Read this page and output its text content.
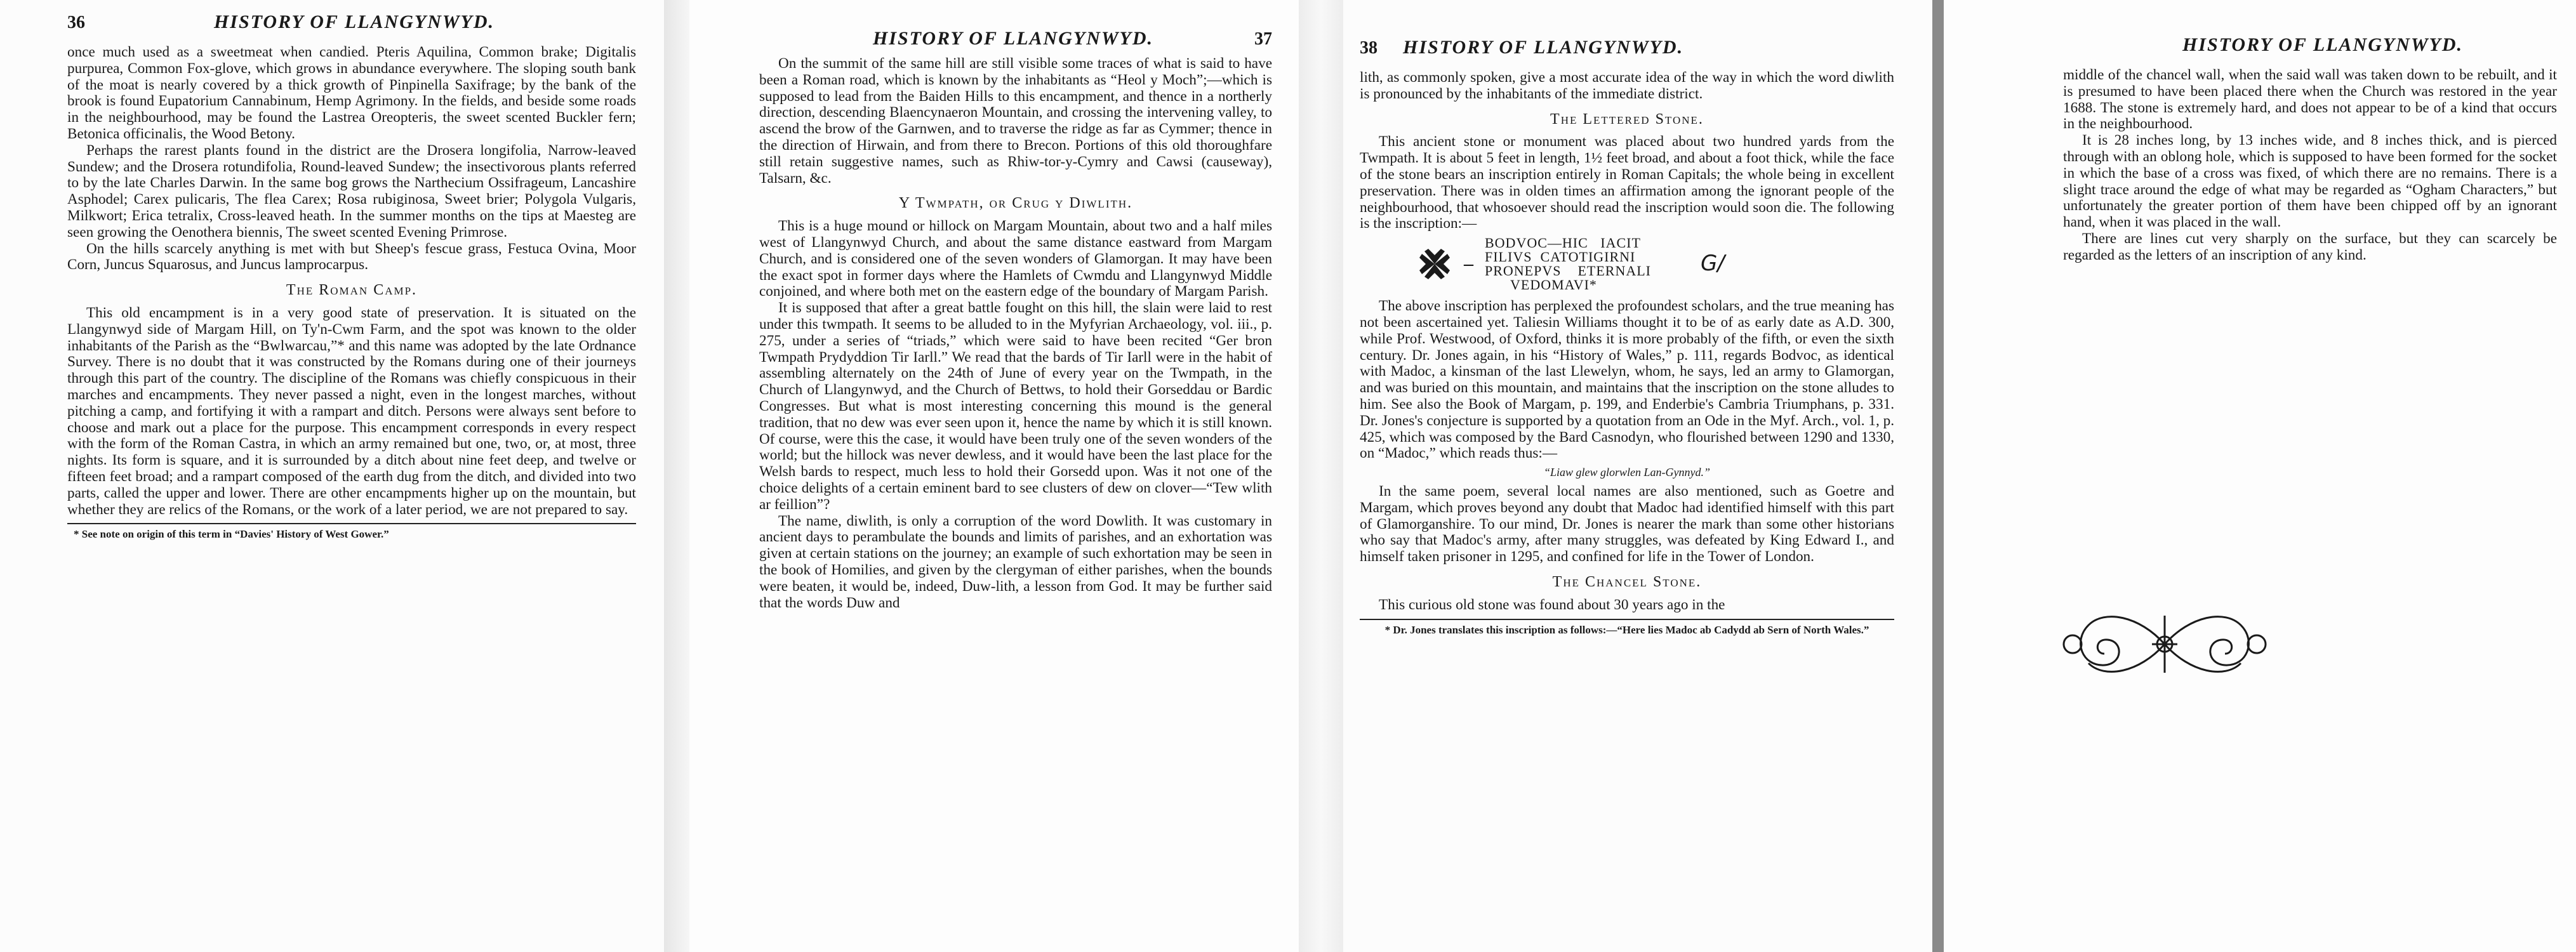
36	HISTORY OF LLANGYNWYD.

once much used as a sweetmeat when candied. Pteris Aquilina, Common brake; Digitalis purpurea, Common Fox-glove, which grows in abundance everywhere. The sloping south bank of the moat is nearly covered by a thick growth of Pinpinella Saxifrage; by the bank of the brook is found Eupatorium Cannabinum, Hemp Agrimony. In the fields, and beside some roads in the neighbourhood, may be found the Lastrea Oreopteris, the sweet scented Buckler fern; Betonica officinalis, the Wood Betony.

Perhaps the rarest plants found in the district are the Drosera longifolia, Narrow-leaved Sundew; and the Drosera rotundifolia, Round-leaved Sundew; the insectivorous plants referred to by the late Charles Darwin. In the same bog grows the Narthecium Ossifrageum, Lancashire Asphodel; Carex pulicaris, The flea Carex; Rosa rubiginosa, Sweet brier; Polygola Vulgaris, Milkwort; Erica tetralix, Cross-leaved heath. In the summer months on the tips at Maesteg are seen growing the Oenothera biennis, The sweet scented Evening Primrose.

On the hills scarcely anything is met with but Sheep's fescue grass, Festuca Ovina, Moor Corn, Juncus Squarosus, and Juncus lamprocarpus.

The Roman Camp.

This old encampment is in a very good state of preservation. It is situated on the Llangynwyd side of Margam Hill, on Ty'n-Cwm Farm, and the spot was known to the older inhabitants of the Parish as the “Bwlwarcau,”* and this name was adopted by the late Ordnance Survey. There is no doubt that it was constructed by the Romans during one of their journeys through this part of the country. The discipline of the Romans was chiefly conspicuous in their marches and encampments. They never passed a night, even in the longest marches, without pitching a camp, and fortifying it with a rampart and ditch. Persons were always sent before to choose and mark out a place for the purpose. This encampment corresponds in every respect with the form of the Roman Castra, in which an army remained but one, two, or, at most, three nights. Its form is square, and it is surrounded by a ditch about nine feet deep, and twelve or fifteen feet broad; and a rampart composed of the earth dug from the ditch, and divided into two parts, called the upper and lower. There are other encampments higher up on the mountain, but whether they are relics of the Romans, or the work of a later period, we are not prepared to say.

* See note on origin of this term in “Davies' History of West Gower.”
HISTORY OF LLANGYNWYD.	37

On the summit of the same hill are still visible some traces of what is said to have been a Roman road, which is known by the inhabitants as “Heol y Moch”;—which is supposed to lead from the Baiden Hills to this encampment, and thence in a northerly direction, descending Blaencynaeron Mountain, and crossing the intervening valley, to ascend the brow of the Garnwen, and to traverse the ridge as far as Cymmer; thence in the direction of Hirwain, and from there to Brecon. Portions of this old thoroughfare still retain suggestive names, such as Rhiw-tor-y-Cymry and Cawsi (causeway), Talsarn, &c.

Y Twmpath, or Crug y Diwlith.

This is a huge mound or hillock on Margam Mountain, about two and a half miles west of Llangynwyd Church, and about the same distance eastward from Margam Church, and is considered one of the seven wonders of Glamorgan. It may have been the exact spot in former days where the Hamlets of Cwmdu and Llangynwyd Middle conjoined, and where both met on the eastern edge of the boundary of Margam Parish.

It is supposed that after a great battle fought on this hill, the slain were laid to rest under this twmpath. It seems to be alluded to in the Myfyrian Archaeology, vol. iii., p. 275, under a series of “triads,” which were said to have been recited “Ger bron Twmpath Prydyddion Tir Iarll.” We read that the bards of Tir Iarll were in the habit of assembling alternately on the 24th of June of every year on the Twmpath, in the Church of Llangynwyd, and the Church of Bettws, to hold their Gorseddau or Bardic Congresses. But what is most interesting concerning this mound is the general tradition, that no dew was ever seen upon it, hence the name by which it is still known. Of course, were this the case, it would have been truly one of the seven wonders of the world; but the hillock was never dewless, and it would have been the last place for the Welsh bards to respect, much less to hold their Gorsedd upon. Was it not one of the choice delights of a certain eminent bard to see clusters of dew on clover—“Tew wlith ar feillion”?

The name, diwlith, is only a corruption of the word Dowlith. It was customary in ancient days to perambulate the bounds and limits of parishes, and an exhortation was given at certain stations on the journey; an example of such exhortation may be seen in the book of Homilies, and given by the clergyman of either parishes, when the bounds were beaten, it would be, indeed, Duw-lith, a lesson from God. It may be further said that the words Duw and

38 HISTORY OF LLANGYNWYD.

lith, as commonly spoken, give a most accurate idea of the way in which the word diwlith is pronounced by the inhabitants of the immediate district.

The Lettered Stone.

This ancient stone or monument was placed about two hundred yards from the Twmpath. It is about 5 feet in length, 1½ feet broad, and about a foot thick, while the face of the stone bears an inscription entirely in Roman Capitals; the whole being in excellent preservation. There was in olden times an affirmation among the ignorant people of the neighbourhood, that whosoever should read the inscription would soon die. The following is the inscription:—

–
BODVOC—HIC   IACIT
FILIVS  CATOTIGIRNI
PRONEPVS    ETERNALI
VEDOMAVI*
G/

The above inscription has perplexed the profoundest scholars, and the true meaning has not been ascertained yet. Taliesin Williams thought it to be of as early date as A.D. 300, while Prof. Westwood, of Oxford, thinks it is more probably of the fifth, or even the sixth century. Dr. Jones again, in his “History of Wales,” p. 111, regards Bodvoc, as identical with Madoc, a kinsman of the last Llewelyn, whom, he says, led an army to Glamorgan, and was buried on this mountain, and maintains that the inscription on the stone alludes to him. See also the Book of Margam, p. 199, and Enderbie's Cambria Triumphans, p. 331. Dr. Jones's conjecture is supported by a quotation from an Ode in the Myf. Arch., vol. 1, p. 425, which was composed by the Bard Casnodyn, who flourished between 1290 and 1330, on “Madoc,” which reads thus:—

“Liaw glew glorwlen Lan-Gynnyd.”

In the same poem, several local names are also mentioned, such as Goetre and Margam, which proves beyond any doubt that Madoc had identified himself with this part of Glamorganshire. To our mind, Dr. Jones is nearer the mark than some other historians who say that Madoc's army, after many struggles, was defeated by King Edward I., and himself taken prisoner in 1295, and confined for life in the Tower of London.

The Chancel Stone.

This curious old stone was found about 30 years ago in the

* Dr. Jones translates this inscription as follows:—“Here lies Madoc ab Cadydd ab Sern of North Wales.”
HISTORY OF LLANGYNWYD.

middle of the chancel wall, when the said wall was taken down to be rebuilt, and it is presumed to have been placed there when the Church was restored in the year 1688. The stone is extremely hard, and does not appear to be of a kind that occurs in the neighbourhood.

It is 28 inches long, by 13 inches wide, and 8 inches thick, and is pierced through with an oblong hole, which is supposed to have been formed for the socket in which the base of a cross was fixed, of which there are no remains. There is a slight trace around the edge of what may be regarded as “Ogham Characters,” but unfortunately the greater portion of them have been chipped off by an ignorant hand, when it was placed in the wall.

There are lines cut very sharply on the surface, but they can scarcely be regarded as the letters of an inscription of any kind.
